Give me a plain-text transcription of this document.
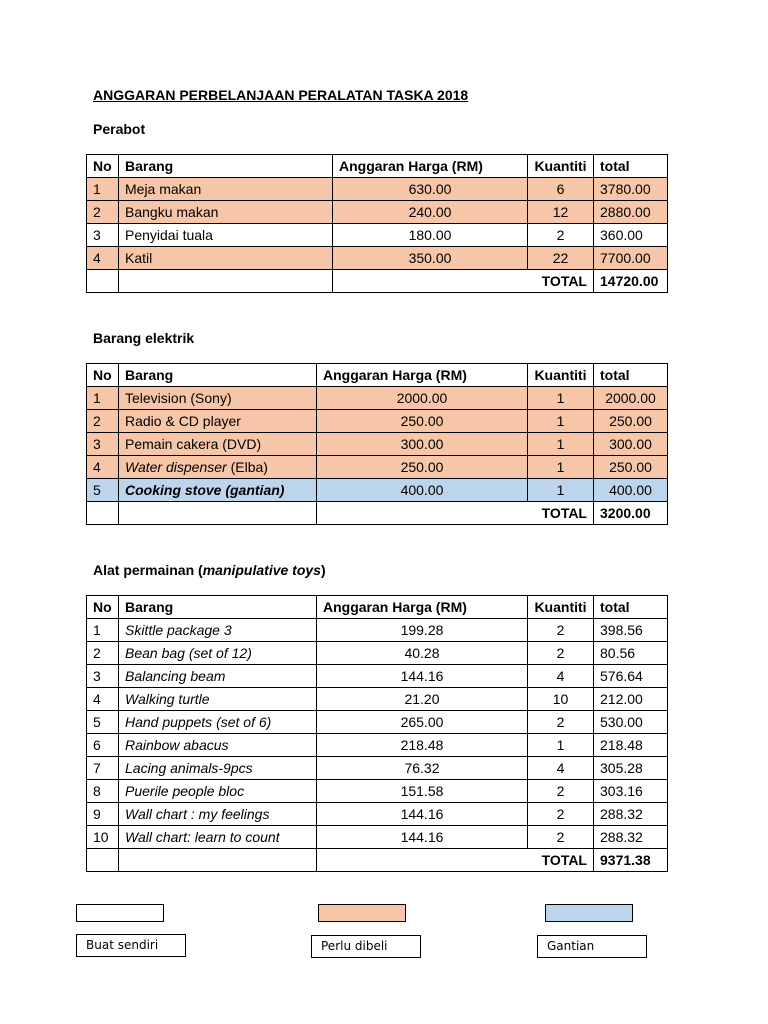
ANGGARAN PERBELANJAAN PERALATAN TASKA 2018
Perabot
No	Barang	Anggaran Harga (RM)	Kuantiti	total
1	Meja makan	630.00	6	3780.00
2	Bangku makan	240.00	12	2880.00
3	Penyidai tuala	180.00	2	360.00
4	Katil	350.00	22	7700.00
		TOTAL		14720.00
Barang elektrik
No	Barang	Anggaran Harga (RM)	Kuantiti	total
1	Television (Sony)	2000.00	1	2000.00
2	Radio & CD player	250.00	1	250.00
3	Pemain cakera (DVD)	300.00	1	300.00
4	Water dispenser (Elba)	250.00	1	250.00
5	Cooking stove (gantian)	400.00	1	400.00
		TOTAL		3200.00
Alat permainan (manipulative toys)
No	Barang	Anggaran Harga (RM)	Kuantiti	total
1	Skittle package 3	199.28	2	398.56
2	Bean bag (set of 12)	40.28	2	80.56
3	Balancing beam	144.16	4	576.64
4	Walking turtle	21.20	10	212.00
5	Hand puppets (set of 6)	265.00	2	530.00
6	Rainbow abacus	218.48	1	218.48
7	Lacing animals-9pcs	76.32	4	305.28
8	Puerile people bloc	151.58	2	303.16
9	Wall chart : my feelings	144.16	2	288.32
10	Wall chart: learn to count	144.16	2	288.32
		TOTAL		9371.38
Buat sendiri	Perlu dibeli	Gantian
